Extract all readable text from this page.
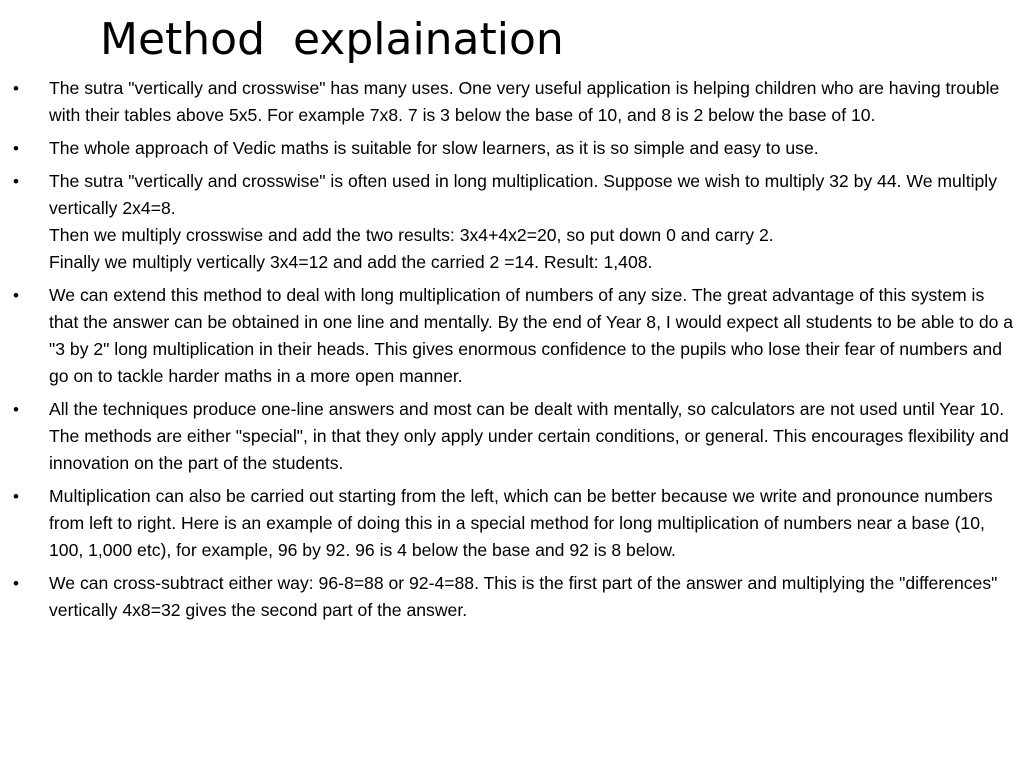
Method  explaination
• The sutra "vertically and crosswise" has many uses. One very useful application is helping children who are having trouble with their tables above 5x5. For example 7x8. 7 is 3 below the base of 10, and 8 is 2 below the base of 10.
• The whole approach of Vedic maths is suitable for slow learners, as it is so simple and easy to use.
• The sutra "vertically and crosswise" is often used in long multiplication. Suppose we wish to multiply 32 by 44. We multiply vertically 2x4=8.
Then we multiply crosswise and add the two results: 3x4+4x2=20, so put down 0 and carry 2.
Finally we multiply vertically 3x4=12 and add the carried 2 =14. Result: 1,408.
• We can extend this method to deal with long multiplication of numbers of any size. The great advantage of this system is that the answer can be obtained in one line and mentally. By the end of Year 8, I would expect all students to be able to do a "3 by 2" long multiplication in their heads. This gives enormous confidence to the pupils who lose their fear of numbers and go on to tackle harder maths in a more open manner.
• All the techniques produce one-line answers and most can be dealt with mentally, so calculators are not used until Year 10. The methods are either "special", in that they only apply under certain conditions, or general. This encourages flexibility and innovation on the part of the students.
• Multiplication can also be carried out starting from the left, which can be better because we write and pronounce numbers from left to right. Here is an example of doing this in a special method for long multiplication of numbers near a base (10, 100, 1,000 etc), for example, 96 by 92. 96 is 4 below the base and 92 is 8 below.
• We can cross-subtract either way: 96-8=88 or 92-4=88. This is the first part of the answer and multiplying the "differences" vertically 4x8=32 gives the second part of the answer.
